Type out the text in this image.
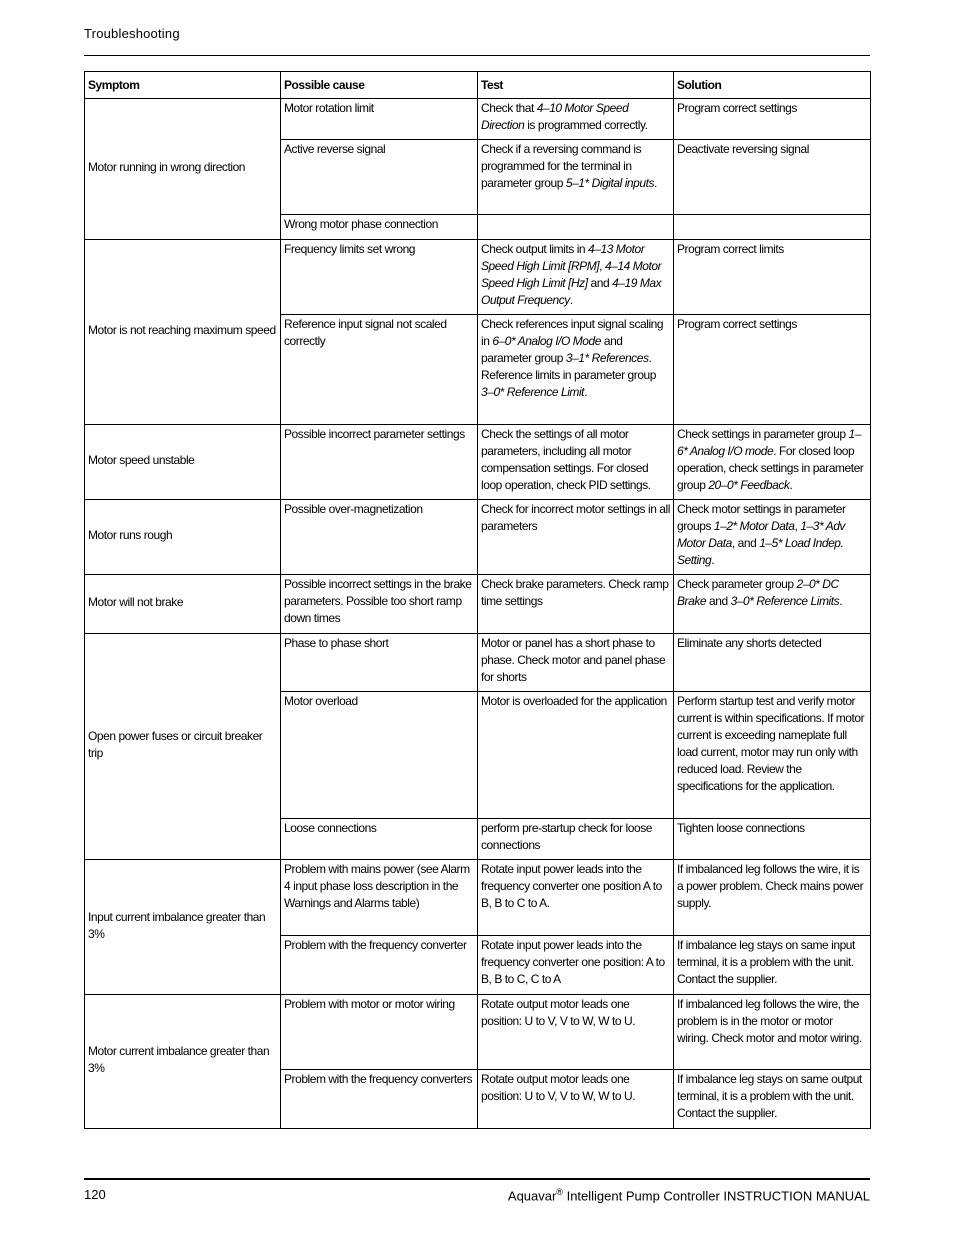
Troubleshooting
Symptom	Possible cause	Test	Solution
Motor running in wrong direction	Motor rotation limit	Check that 4–10 Motor Speed Direction is programmed correctly.	Program correct settings
	Active reverse signal	Check if a reversing command is programmed for the terminal in parameter group 5–1* Digital inputs.	Deactivate reversing signal
	Wrong motor phase connection		
Motor is not reaching maximum speed	Frequency limits set wrong	Check output limits in 4–13 Motor Speed High Limit [RPM], 4–14 Motor Speed High Limit [Hz] and 4–19 Max Output Frequency.	Program correct limits
	Reference input signal not scaled correctly	Check references input signal scaling in 6–0* Analog I/O Mode and parameter group 3–1* References. Reference limits in parameter group 3–0* Reference Limit.	Program correct settings
Motor speed unstable	Possible incorrect parameter settings	Check the settings of all motor parameters, including all motor compensation settings. For closed loop operation, check PID settings.	Check settings in parameter group 1–6* Analog I/O mode. For closed loop operation, check settings in parameter group 20–0* Feedback.
Motor runs rough	Possible over-magnetization	Check for incorrect motor settings in all parameters	Check motor settings in parameter groups 1–2* Motor Data, 1–3* Adv Motor Data, and 1–5* Load Indep. Setting.
Motor will not brake	Possible incorrect settings in the brake parameters. Possible too short ramp down times	Check brake parameters. Check ramp time settings	Check parameter group 2–0* DC Brake and 3–0* Reference Limits.
Open power fuses or circuit breaker trip	Phase to phase short	Motor or panel has a short phase to phase. Check motor and panel phase for shorts	Eliminate any shorts detected
	Motor overload	Motor is overloaded for the application	Perform startup test and verify motor current is within specifications. If motor current is exceeding nameplate full load current, motor may run only with reduced load. Review the specifications for the application.
	Loose connections	perform pre-startup check for loose connections	Tighten loose connections
Input current imbalance greater than 3%	Problem with mains power (see Alarm 4 input phase loss description in the Warnings and Alarms table)	Rotate input power leads into the frequency converter one position A to B, B to C to A.	If imbalanced leg follows the wire, it is a power problem. Check mains power supply.
	Problem with the frequency converter	Rotate input power leads into the frequency converter one position: A to B, B to C, C to A	If imbalance leg stays on same input terminal, it is a problem with the unit. Contact the supplier.
Motor current imbalance greater than 3%	Problem with motor or motor wiring	Rotate output motor leads one position: U to V, V to W, W to U.	If imbalanced leg follows the wire, the problem is in the motor or motor wiring. Check motor and motor wiring.
	Problem with the frequency converters	Rotate output motor leads one position: U to V, V to W, W to U.	If imbalance leg stays on same output terminal, it is a problem with the unit. Contact the supplier.
120	Aquavar® Intelligent Pump Controller INSTRUCTION MANUAL
